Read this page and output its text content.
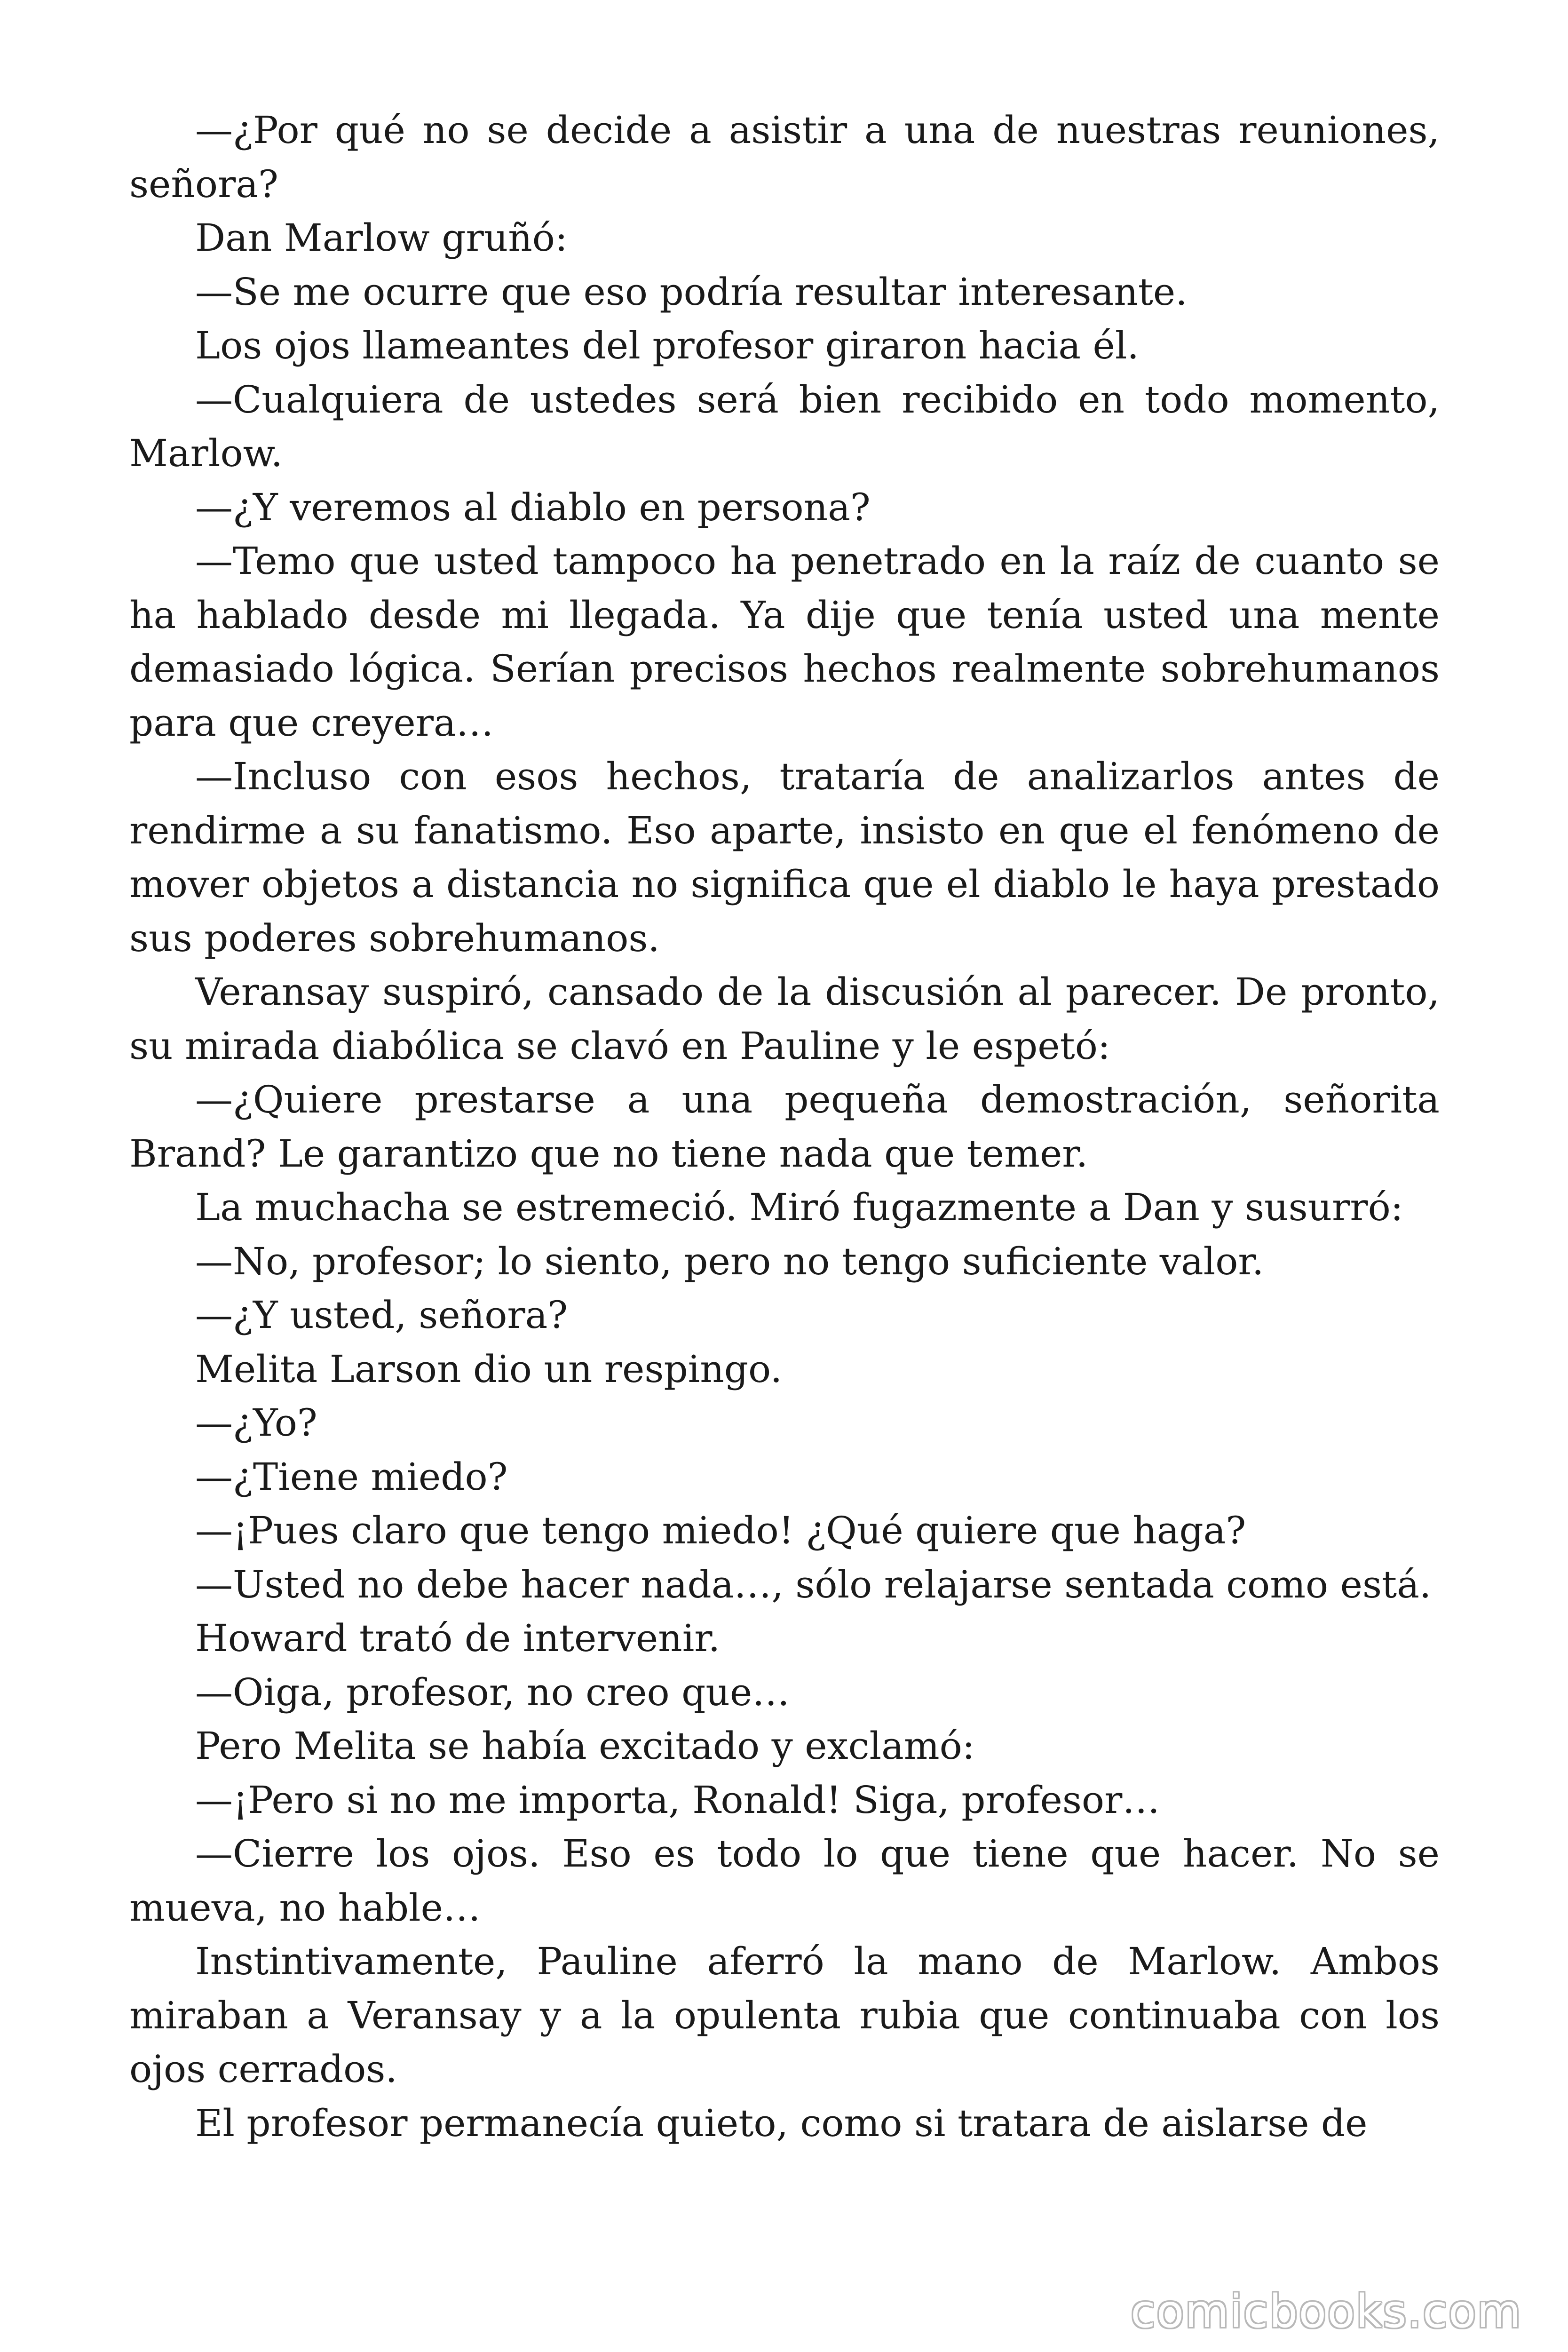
—¿Por qué no se decide a asistir a una de nuestras reuniones, señora?

Dan Marlow gruñó:

—Se me ocurre que eso podría resultar interesante.

Los ojos llameantes del profesor giraron hacia él.

—Cualquiera de ustedes será bien recibido en todo momento, Marlow.

—¿Y veremos al diablo en persona?

—Temo que usted tampoco ha penetrado en la raíz de cuanto se ha hablado desde mi llegada. Ya dije que tenía usted una mente demasiado lógica. Serían precisos hechos realmente sobrehumanos para que creyera…

—Incluso con esos hechos, trataría de analizarlos antes de rendirme a su fanatismo. Eso aparte, insisto en que el fenómeno de mover objetos a distancia no significa que el diablo le haya prestado sus poderes sobrehumanos.

Veransay suspiró, cansado de la discusión al parecer. De pronto, su mirada diabólica se clavó en Pauline y le espetó:

—¿Quiere prestarse a una pequeña demostración, señorita Brand? Le garantizo que no tiene nada que temer.

La muchacha se estremeció. Miró fugazmente a Dan y susurró:

—No, profesor; lo siento, pero no tengo suficiente valor.

—¿Y usted, señora?

Melita Larson dio un respingo.

—¿Yo?

—¿Tiene miedo?

—¡Pues claro que tengo miedo! ¿Qué quiere que haga?

—Usted no debe hacer nada…, sólo relajarse sentada como está.

Howard trató de intervenir.

—Oiga, profesor, no creo que…

Pero Melita se había excitado y exclamó:

—¡Pero si no me importa, Ronald! Siga, profesor…

—Cierre los ojos. Eso es todo lo que tiene que hacer. No se mueva, no hable…

Instintivamente, Pauline aferró la mano de Marlow. Ambos miraban a Veransay y a la opulenta rubia que continuaba con los ojos cerrados.

El profesor permanecía quieto, como si tratara de aislarse de

comicbooks.com
